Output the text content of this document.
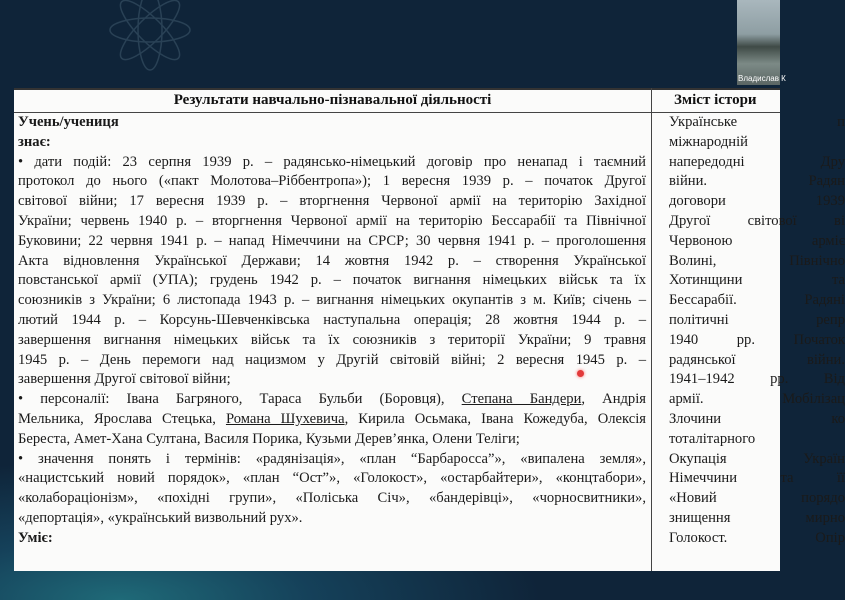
Результати навчально-пізнавальної діяльності	Зміст істори
Учень/учениця
знає:
• дати подій: 23 серпня 1939 р. – радянсько-німецький договір про ненапад і таємний
протокол до нього («пакт Молотова–Ріббентропа»); 1 вересня 1939 р. – початок Другої
світової війни; 17 вересня 1939 р. – вторгнення Червоної армії на територію Західної
України; червень 1940 р. – вторгнення Червоної армії на територію Бессарабії та Північної
Буковини; 22 червня 1941 р. – напад Німеччини на СРСР; 30 червня 1941 р. – проголошення
Акта відновлення Української Держави; 14 жовтня 1942 р. – створення Української
повстанської армії (УПА); грудень 1942 р. – початок вигнання німецьких військ та їх
союзників з України; 6 листопада 1943 р. – вигнання німецьких окупантів з м. Київ; січень –
лютий 1944 р. – Корсунь-Шевченківська наступальна операція; 28 жовтня 1944 р. –
завершення вигнання німецьких військ та їх союзників з території України; 9 травня
1945 р. – День перемоги над нацизмом у Другій світовій війні; 2 вересня 1945 р. –
завершення Другої світової війни;
• персоналії: Івана Багряного, Тараса Бульби (Боровця), Степана Бандери, Андрія
Мельника, Ярослава Стецька, Романа Шухевича, Кирила Осьмака, Івана Кожедуба, Олексія
Береста, Амет-Хана Султана, Василя Порика, Кузьми Дерев’янка, Олени Теліги;
• значення понять і термінів: «радянізація», «план “Барбаросса”», «випалена земля»,
«нацистський новий порядок», «план “Ост”», «Голокост», «остарбайтери», «концтабори»,
«колабораціонізм», «похідні групи», «Поліська Січ», «бандерівці», «чорносвитники»,
«депортація», «український визвольний рух».
Уміє:
Українське п
міжнародній
напередодні Дру
війни. Радян
договори 1939
Другої світової ві
Червоною арміє
Волині, Північно
Хотинщини та
Бессарабії. Радяні
політичні репр
1940 рр. Початок
радянської війни.
1941–1942 рр. Від
армії. Мобілізац
Злочини ко
тоталітарного
Окупація Україн
Німеччини та її
«Новий порядо
знищення мирно
Голокост. Опір
Владислав К
